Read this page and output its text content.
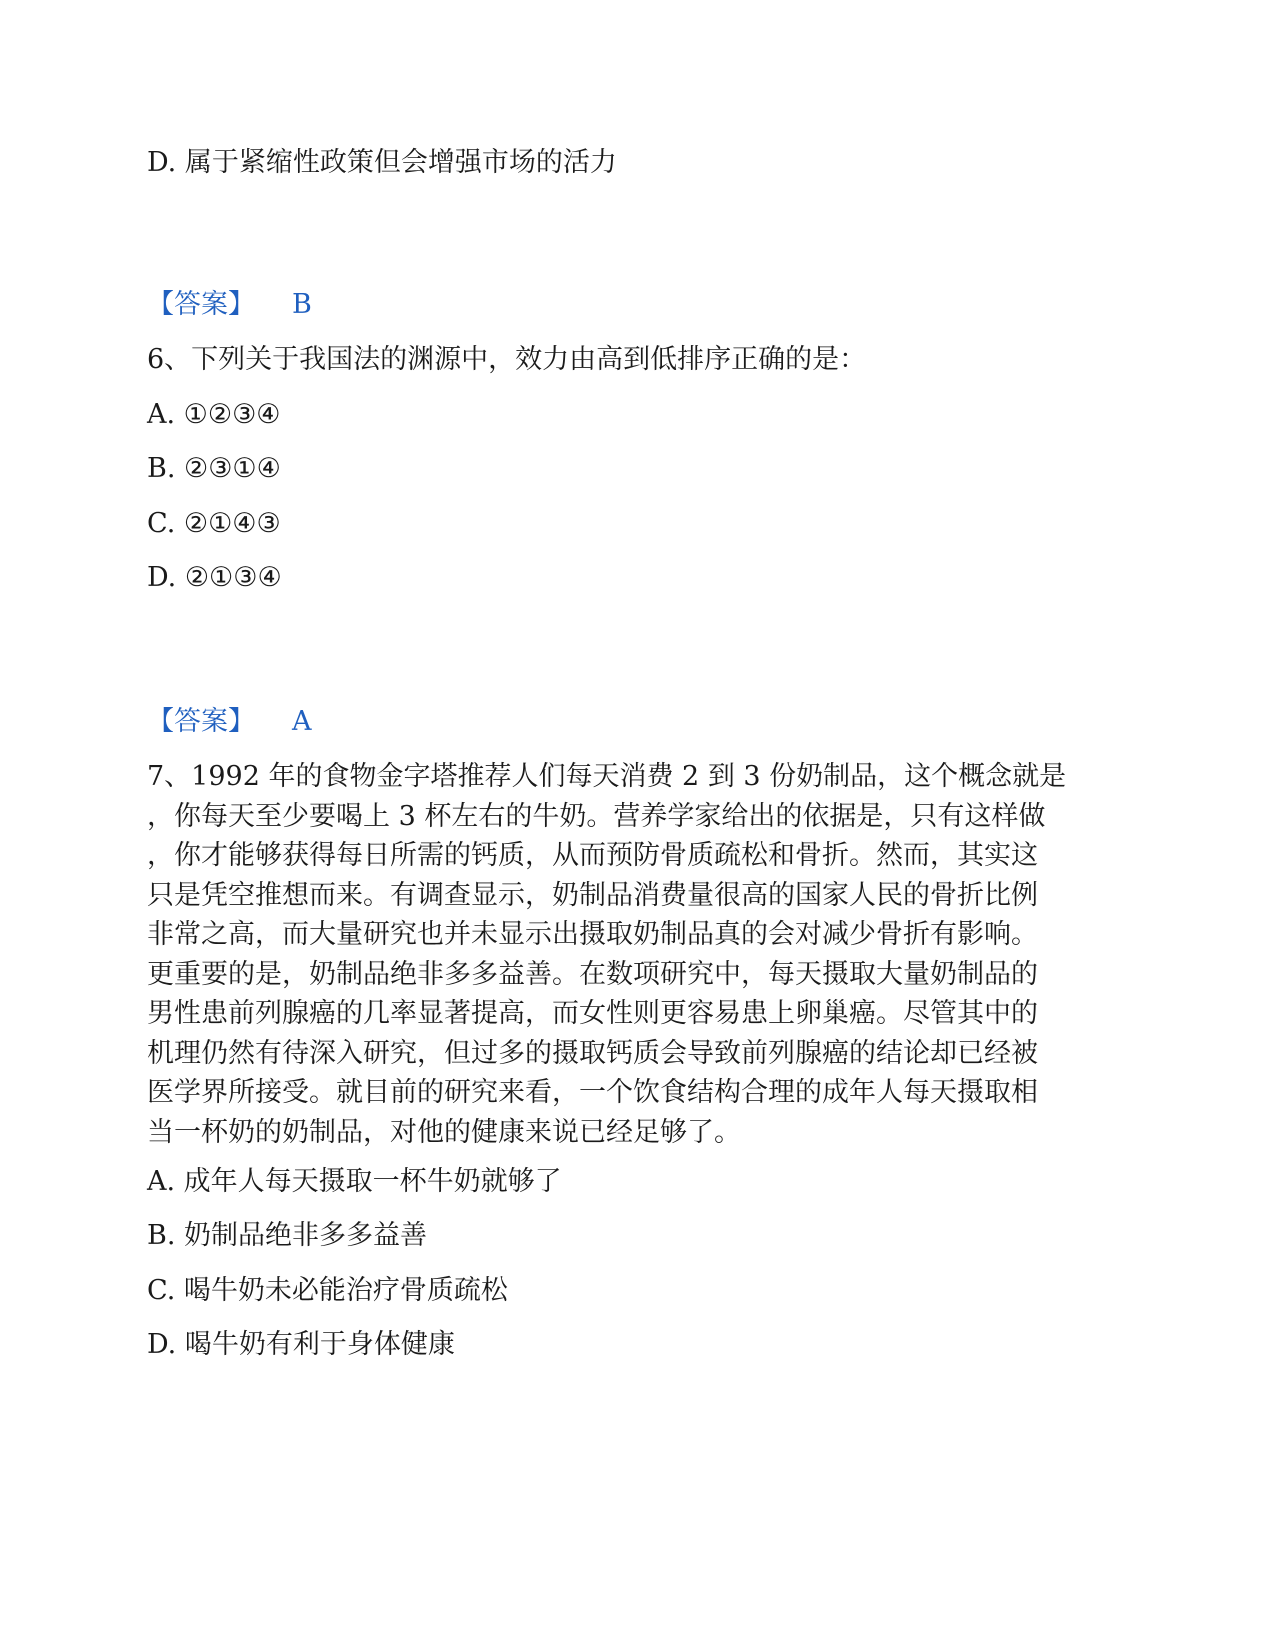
D. 属于紧缩性政策但会增强市场的活力
【答案】 B
6、下列关于我国法的渊源中，效力由高到低排序正确的是：
A. ①②③④
B. ②③①④
C. ②①④③
D. ②①③④
【答案】 A
7、1992 年的食物金字塔推荐人们每天消费 2 到 3 份奶制品，这个概念就是
，你每天至少要喝上 3 杯左右的牛奶。营养学家给出的依据是，只有这样做
，你才能够获得每日所需的钙质，从而预防骨质疏松和骨折。然而，其实这
只是凭空推想而来。有调查显示，奶制品消费量很高的国家人民的骨折比例
非常之高，而大量研究也并未显示出摄取奶制品真的会对减少骨折有影响。
更重要的是，奶制品绝非多多益善。在数项研究中，每天摄取大量奶制品的
男性患前列腺癌的几率显著提高，而女性则更容易患上卵巢癌。尽管其中的
机理仍然有待深入研究，但过多的摄取钙质会导致前列腺癌的结论却已经被
医学界所接受。就目前的研究来看，一个饮食结构合理的成年人每天摄取相
当一杯奶的奶制品，对他的健康来说已经足够了。
A. 成年人每天摄取一杯牛奶就够了
B. 奶制品绝非多多益善
C. 喝牛奶未必能治疗骨质疏松
D. 喝牛奶有利于身体健康
